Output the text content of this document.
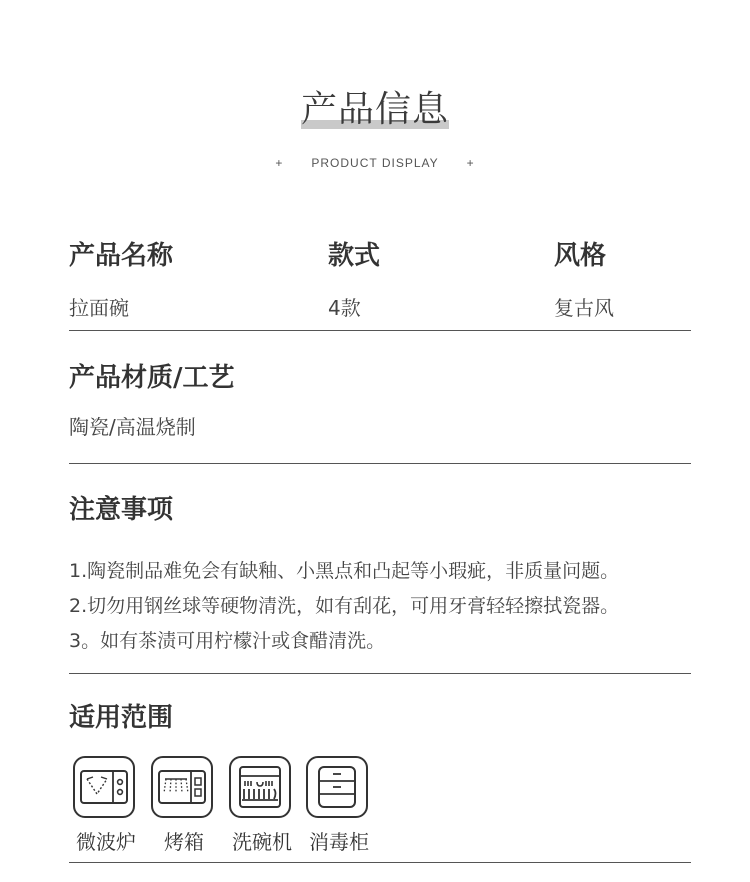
产品信息
+ PRODUCT DISPLAY +
产品名称
拉面碗
款式
4款
风格
复古风
产品材质/工艺
陶瓷/高温烧制
注意事项
1.陶瓷制品难免会有缺釉、小黑点和凸起等小瑕疵，非质量问题。
2.切勿用钢丝球等硬物清洗，如有刮花，可用牙膏轻轻擦拭瓷器。
3。如有茶渍可用柠檬汁或食醋清洗。
适用范围
微波炉	烤箱	洗碗机 消毒柜
